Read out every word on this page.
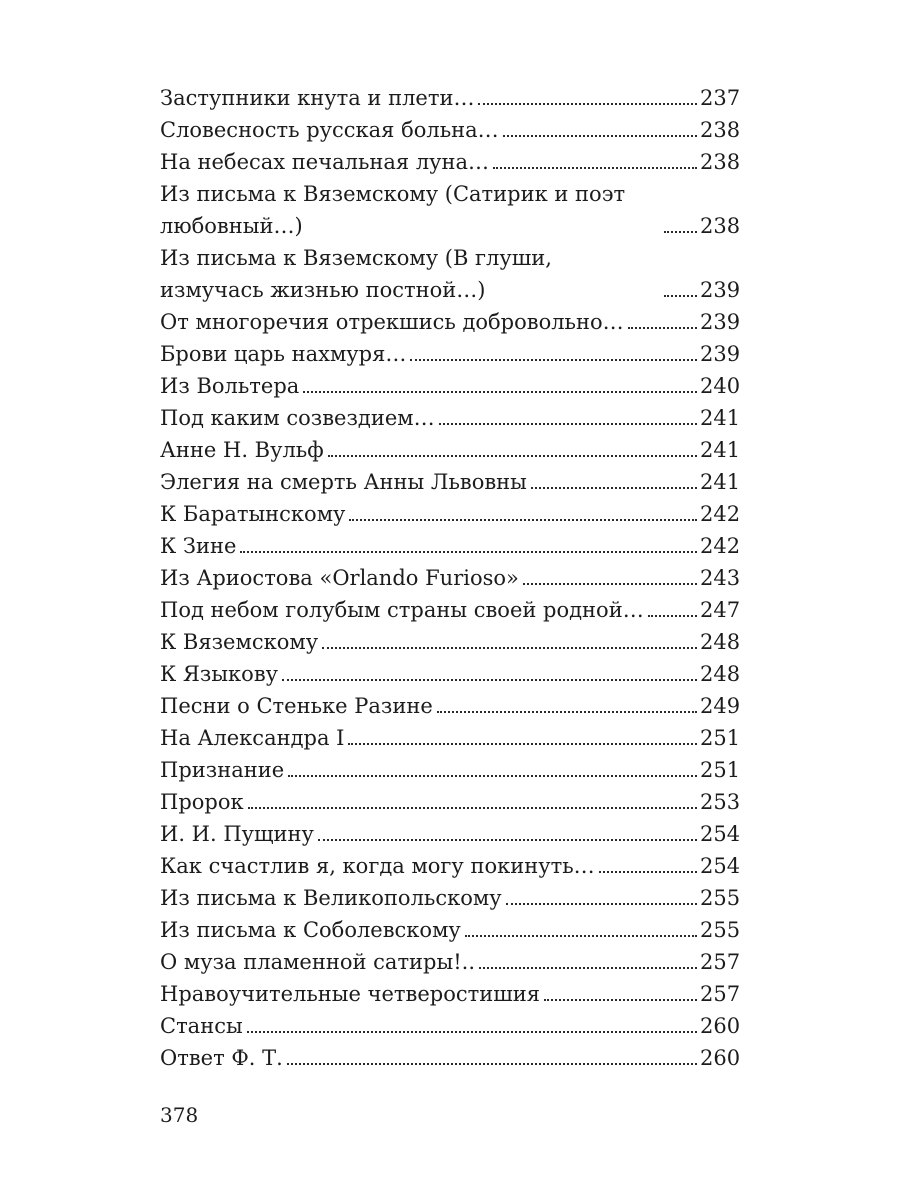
Заступники кнута и плети…	237
Словесность русская больна…	238
На небесах печальная луна…	238
Из письма к Вяземскому (Сатирик и поэт любовный…)	238
Из письма к Вяземскому (В глуши, измучась жизнью постной…)	239
От многоречия отрекшись добровольно…	239
Брови царь нахмуря…	239
Из Вольтера	240
Под каким созвездием…	241
Анне Н. Вульф	241
Элегия на смерть Анны Львовны	241
К Баратынскому	242
К Зине	242
Из Ариостова «Orlando Furioso»	243
Под небом голубым страны своей родной…	247
К Вяземскому	248
К Языкову	248
Песни о Стеньке Разине	249
На Александра I	251
Признание	251
Пророк	253
И. И. Пущину	254
Как счастлив я, когда могу покинуть…	254
Из письма к Великопольскому	255
Из письма к Соболевскому	255
О муза пламенной сатиры!..	257
Нравоучительные четверостишия	257
Стансы	260
Ответ Ф. Т.	260
378
